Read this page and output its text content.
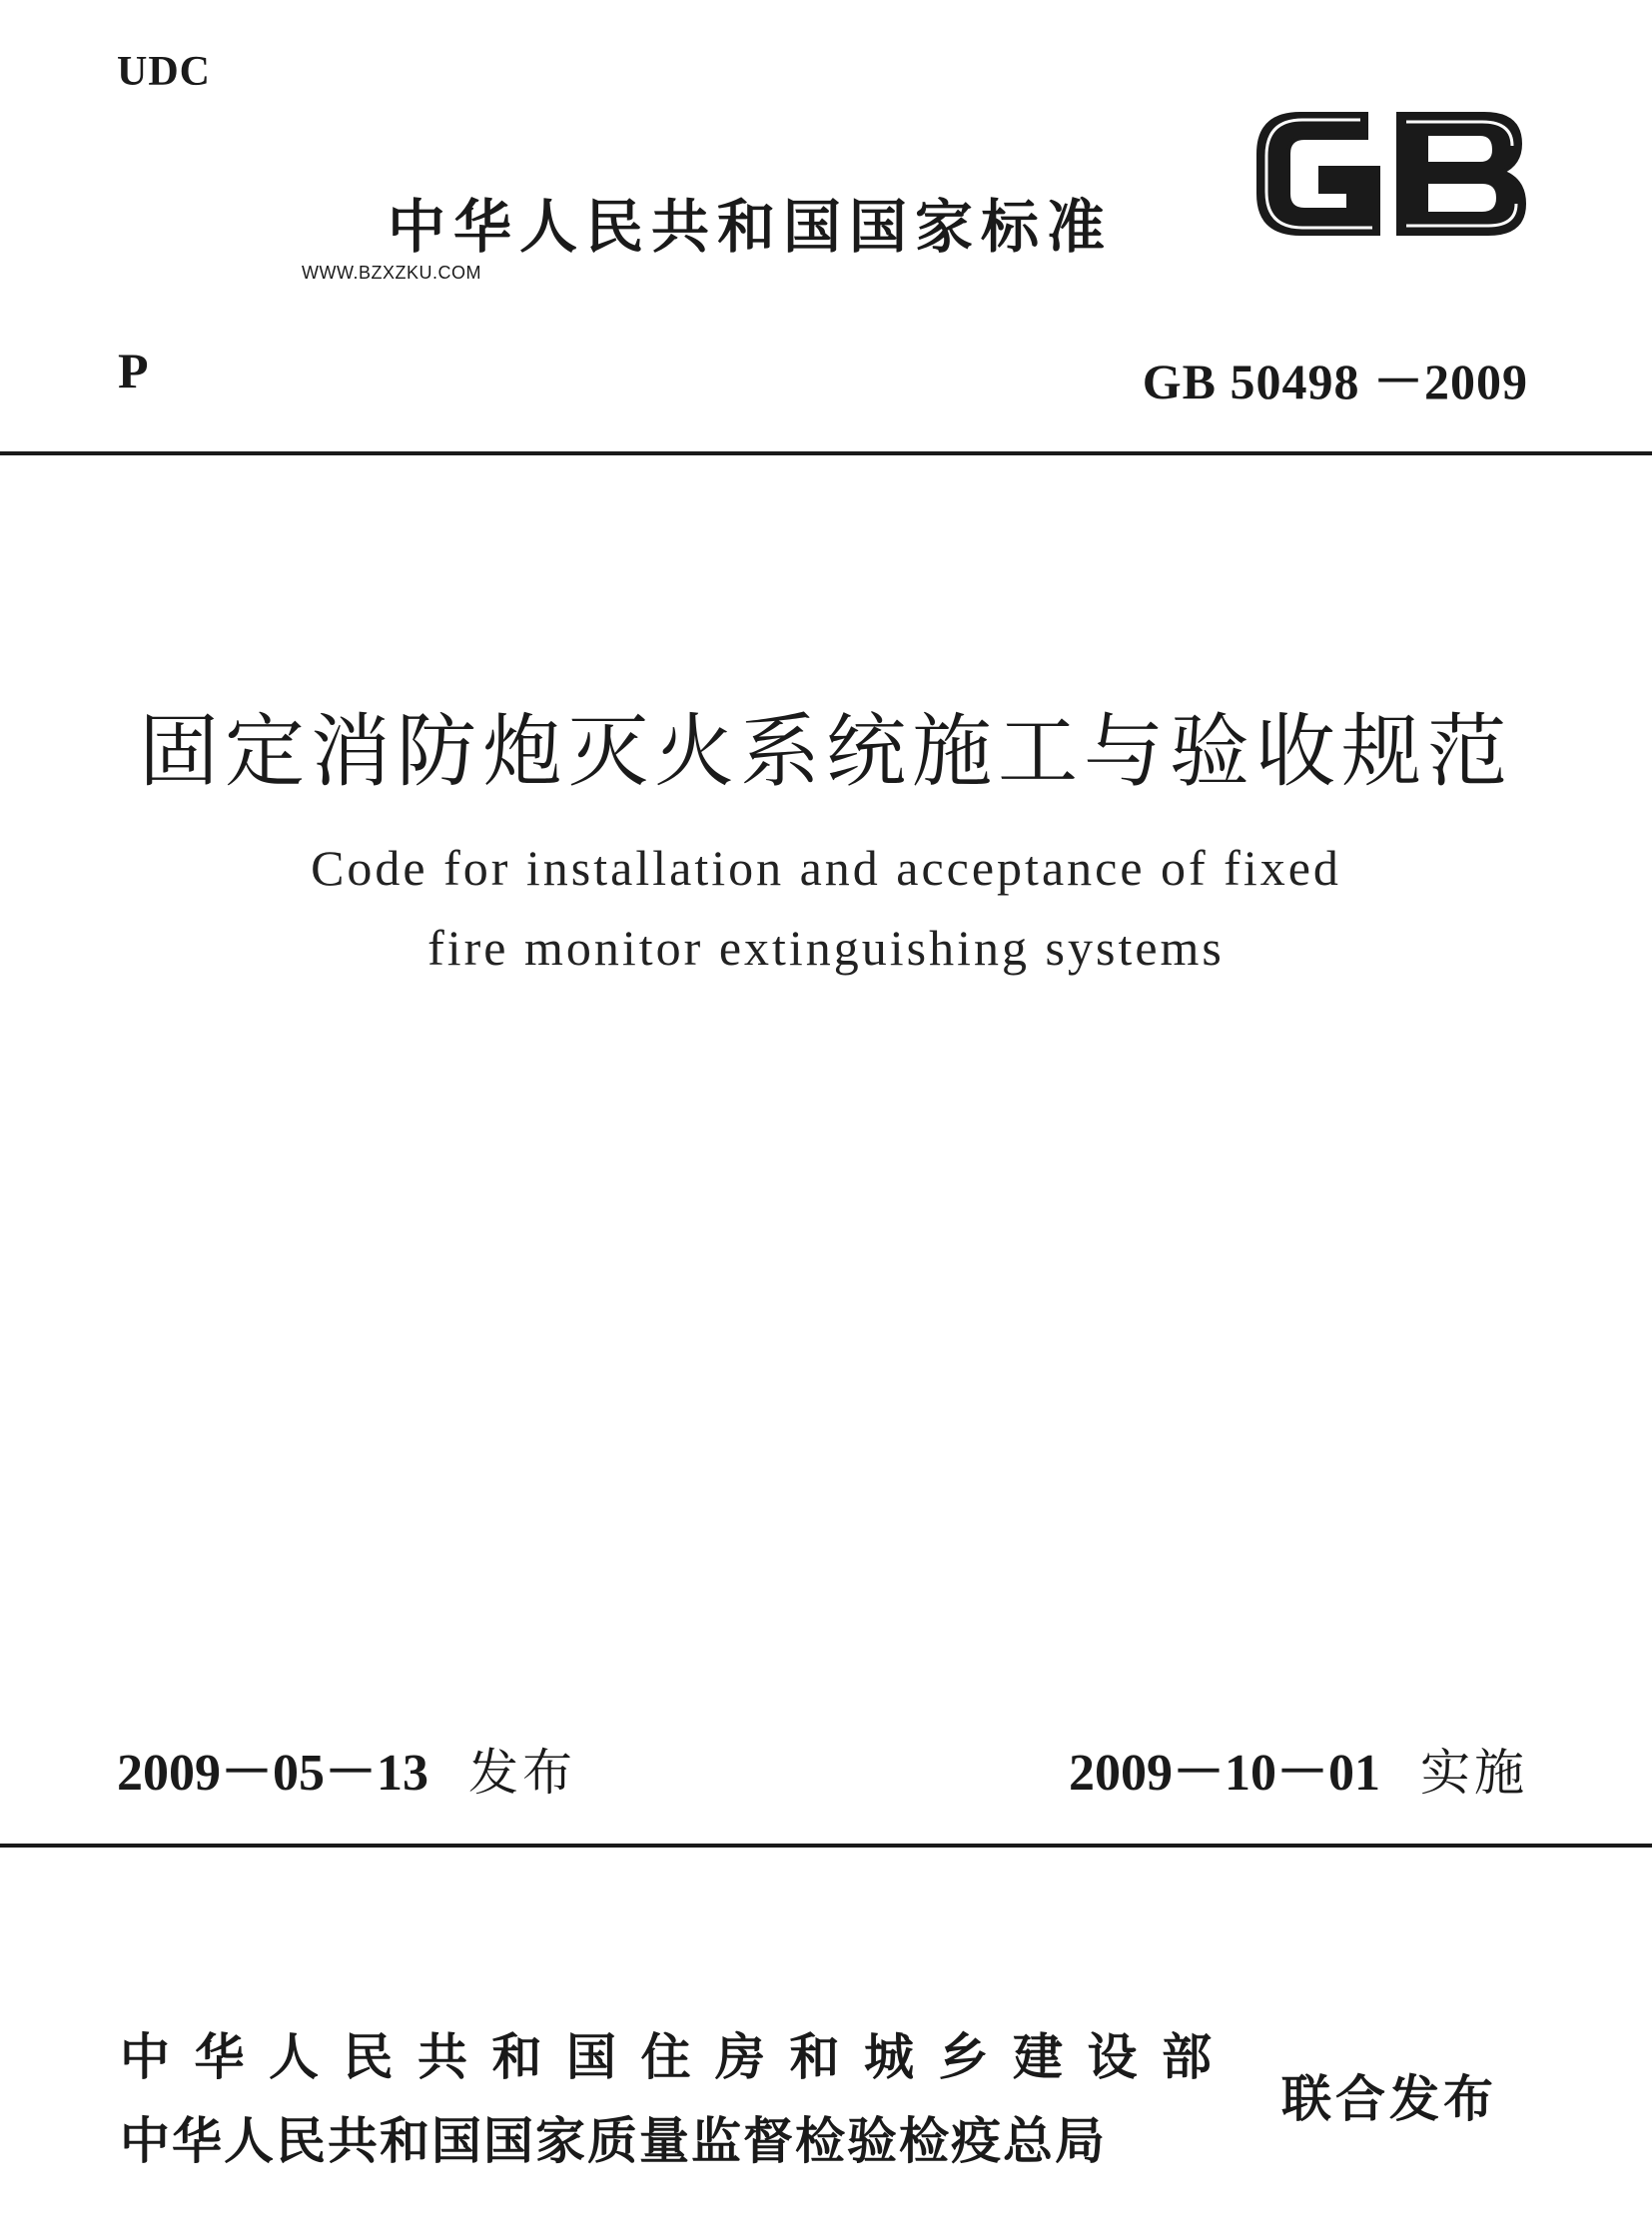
UDC
中华人民共和国国家标准
WWW.BZXZKU.COM
P	GB 50498 －2009
固定消防炮灭火系统施工与验收规范
Code for installation and acceptance of fixed
fire monitor extinguishing systems
2009－05－13 发布	2009－10－01 实施
中华人民共和国住房和城乡建设部
中华人民共和国国家质量监督检验检疫总局
联合发布
